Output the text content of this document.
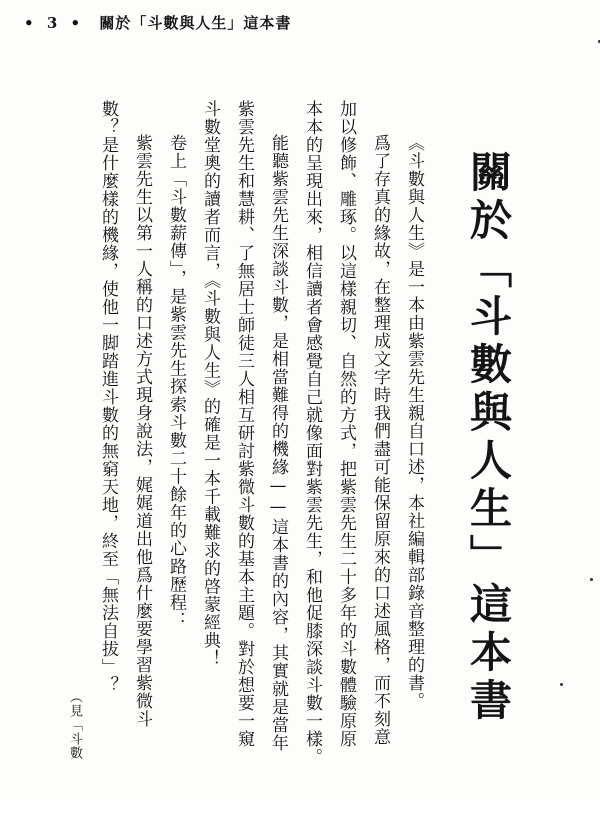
• 3 • 關於「斗數與人生」這本書
關於「斗數與人生」這本書
《斗數與人生》是一本由紫雲先生親自口述，本社編輯部錄音整理的書。
爲了存真的緣故，在整理成文字時我們盡可能保留原來的口述風格，而不刻意
加以修飾、雕琢。以這樣親切、自然的方式，把紫雲先生二十多年的斗數體驗原原
本本的呈現出來，相信讀者會感覺自己就像面對紫雲先生，和他促膝深談斗數一樣。
能聽紫雲先生深談斗數，是相當難得的機緣——這本書的內容，其實就是當年
紫雲先生和慧耕、了無居士師徒三人相互研討紫微斗數的基本主題。對於想要一窺
斗數堂奧的讀者而言，《斗數與人生》的確是一本千載難求的啓蒙經典！
卷上「斗數薪傳」，是紫雲先生探索斗數二十餘年的心路歷程：
紫雲先生以第一人稱的口述方式現身說法，娓娓道出他爲什麼要學習紫微斗
數？是什麼樣的機緣，使他一脚踏進斗數的無窮天地，終至「無法自拔」？
（見「斗數
